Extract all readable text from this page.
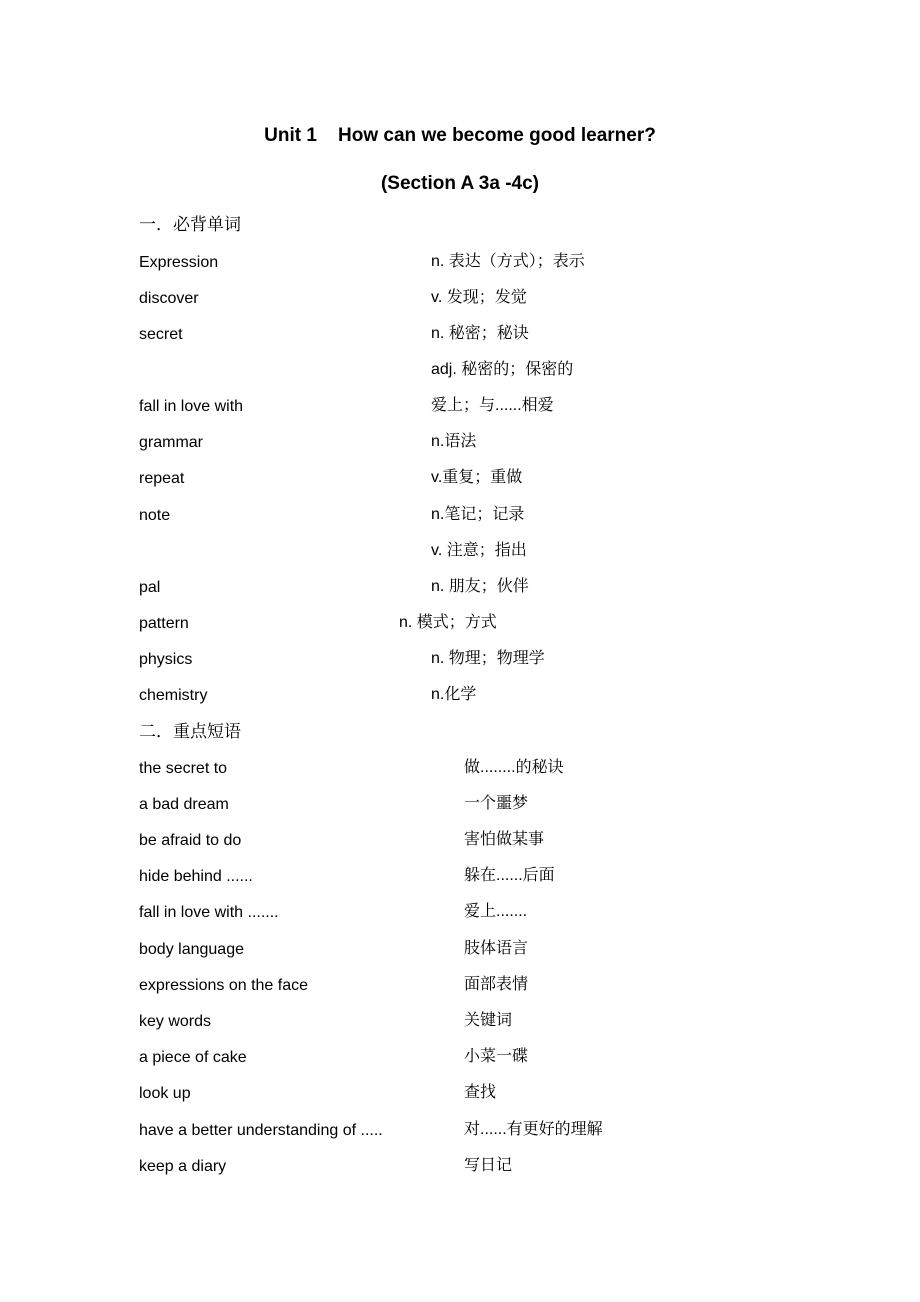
Unit 1    How can we become good learner?
(Section A 3a -4c)
一．必背单词
Expression	n. 表达（方式）；表示
discover	v. 发现；发觉
secret	n. 秘密；秘诀
adj. 秘密的；保密的
fall in love with	爱上；与......相爱
grammar	n.语法
repeat	v.重复；重做
note	n.笔记；记录
v. 注意；指出
pal	n. 朋友；伙伴
pattern	n. 模式；方式
physics	n. 物理；物理学
chemistry	n.化学
二．重点短语
the secret to	做........的秘诀
a bad dream	一个噩梦
be afraid to do	害怕做某事
hide behind ......	躲在......后面
fall in love with .......	爱上.......
body language	肢体语言
expressions on the face	面部表情
key words	关键词
a piece of cake	小菜一碟
look up	查找
have a better understanding of .....	对......有更好的理解
keep a diary	写日记
